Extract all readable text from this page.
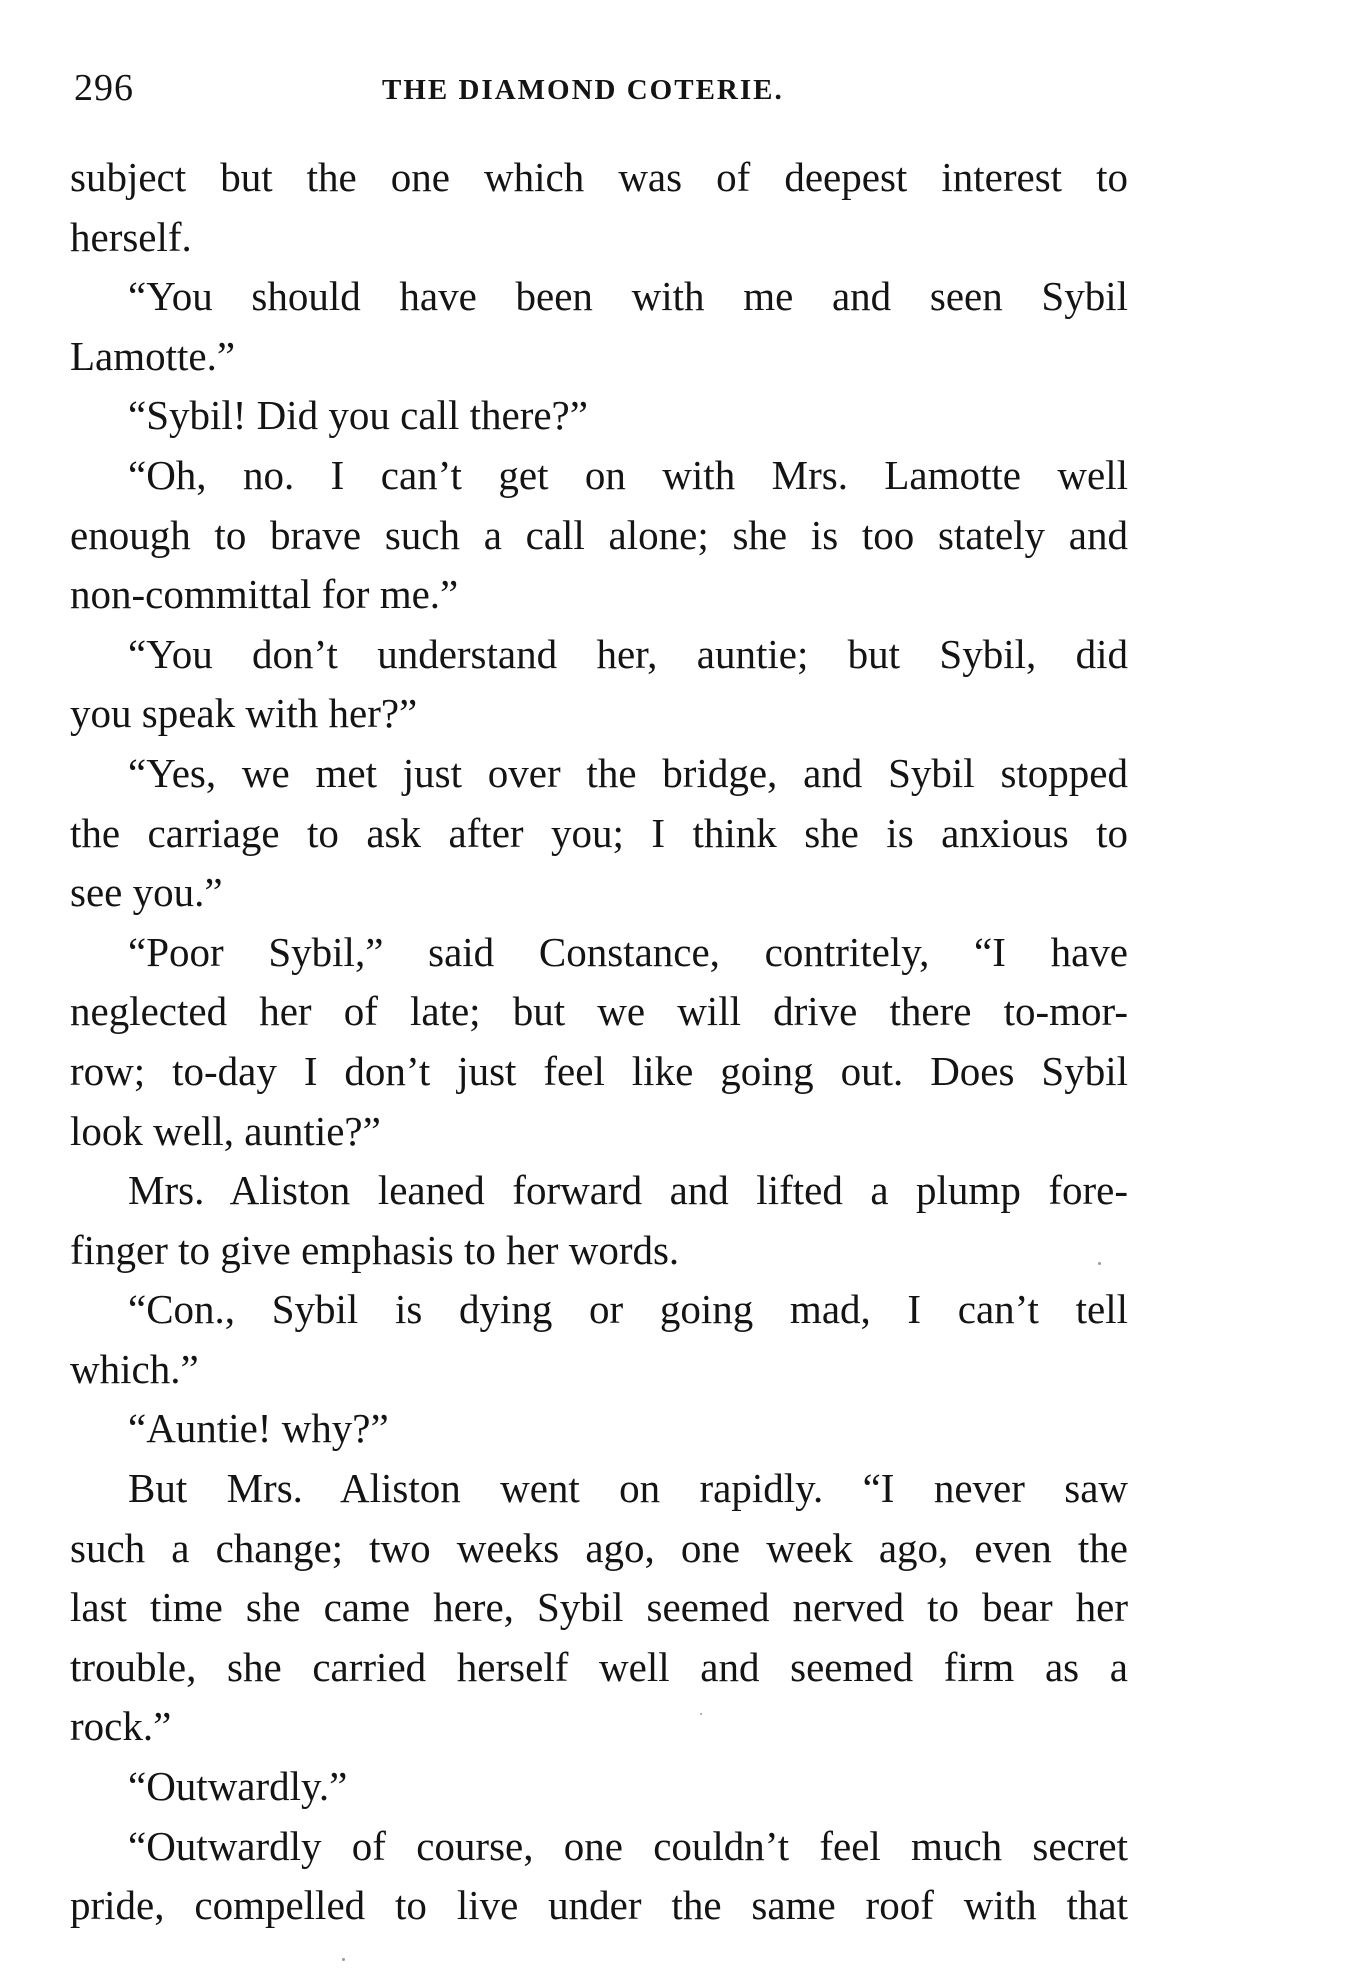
296	THE DIAMOND COTERIE.
subject but the one which was of deepest interest to
herself.
“You should have been with me and seen Sybil
Lamotte.”
“Sybil! Did you call there?”
“Oh, no. I can’t get on with Mrs. Lamotte well
enough to brave such a call alone; she is too stately and
non-committal for me.”
“You don’t understand her, auntie; but Sybil, did
you speak with her?”
“Yes, we met just over the bridge, and Sybil stopped
the carriage to ask after you; I think she is anxious to
see you.”
“Poor Sybil,” said Constance, contritely, “I have
neglected her of late; but we will drive there to-mor-
row; to-day I don’t just feel like going out. Does Sybil
look well, auntie?”
Mrs. Aliston leaned forward and lifted a plump fore-
finger to give emphasis to her words.
“Con., Sybil is dying or going mad, I can’t tell
which.”
“Auntie! why?”
But Mrs. Aliston went on rapidly. “I never saw
such a change; two weeks ago, one week ago, even the
last time she came here, Sybil seemed nerved to bear her
trouble, she carried herself well and seemed firm as a
rock.”
“Outwardly.”
“Outwardly of course, one couldn’t feel much secret
pride, compelled to live under the same roof with that
